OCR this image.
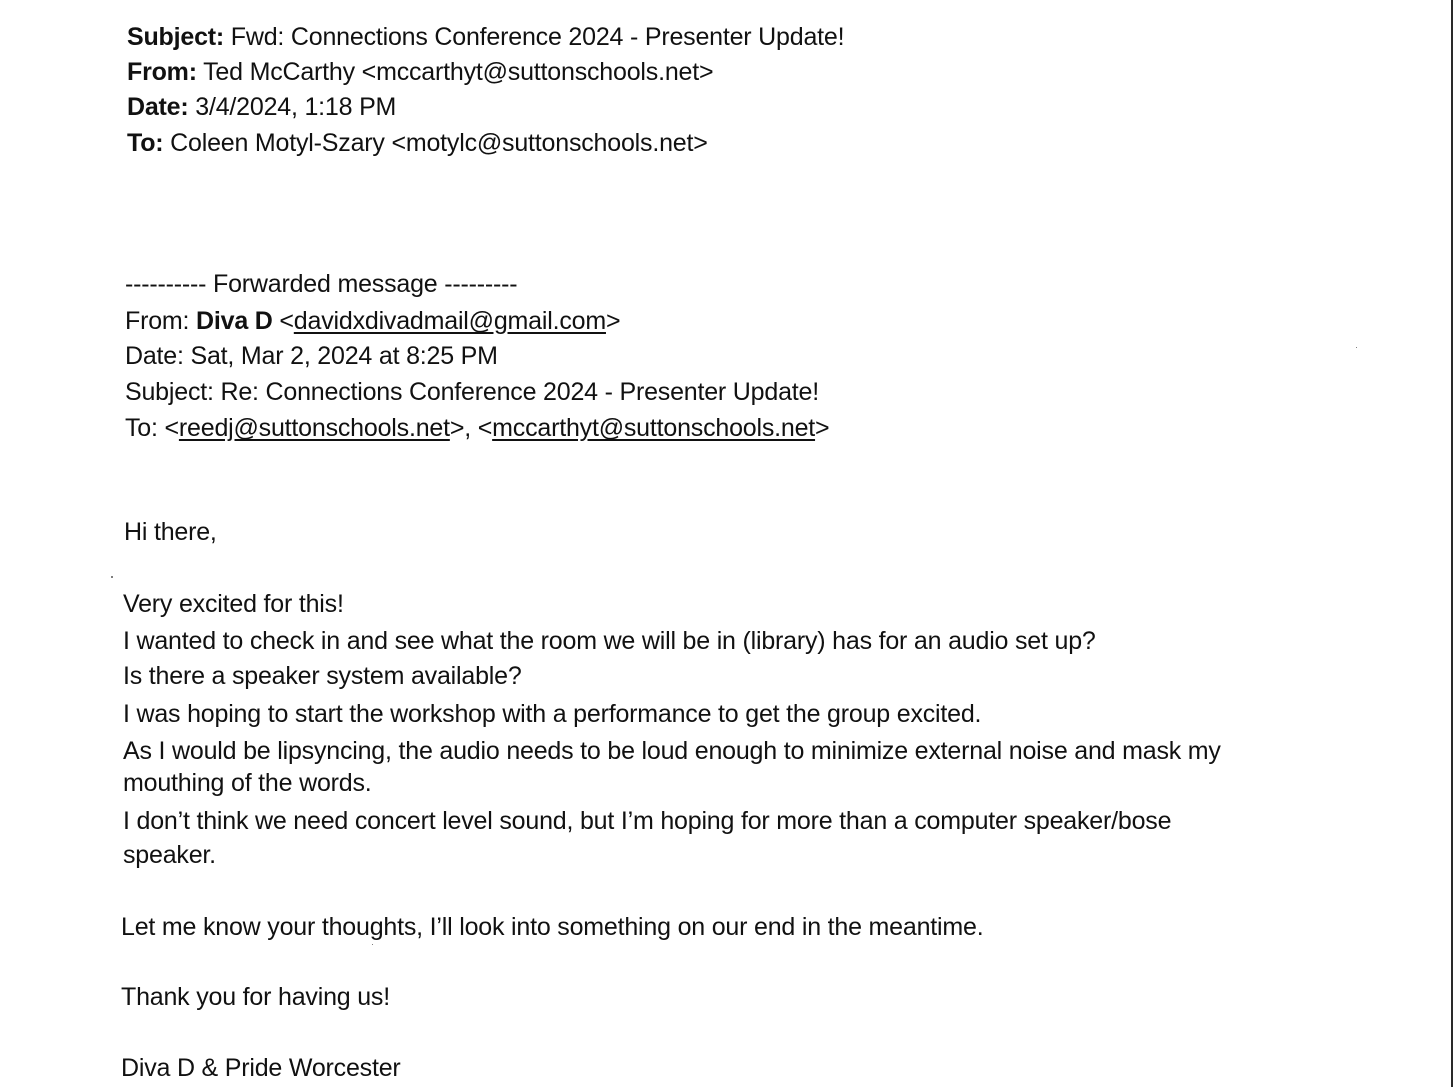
Subject: Fwd: Connections Conference 2024 - Presenter Update!
From: Ted McCarthy <mccarthyt@suttonschools.net>
Date: 3/4/2024, 1:18 PM
To: Coleen Motyl-Szary <motylc@suttonschools.net>
---------- Forwarded message ---------
From: Diva D <davidxdivadmail@gmail.com>
Date: Sat, Mar 2, 2024 at 8:25 PM
Subject: Re: Connections Conference 2024 - Presenter Update!
To: <reedj@suttonschools.net>, <mccarthyt@suttonschools.net>
Hi there,
Very excited for this!
I wanted to check in and see what the room we will be in (library) has for an audio set up?
Is there a speaker system available?
I was hoping to start the workshop with a performance to get the group excited.
As I would be lipsyncing, the audio needs to be loud enough to minimize external noise and mask my
mouthing of the words.
I don’t think we need concert level sound, but I’m hoping for more than a computer speaker/bose
speaker.
Let me know your thoughts, I’ll look into something on our end in the meantime.
Thank you for having us!
Diva D & Pride Worcester
